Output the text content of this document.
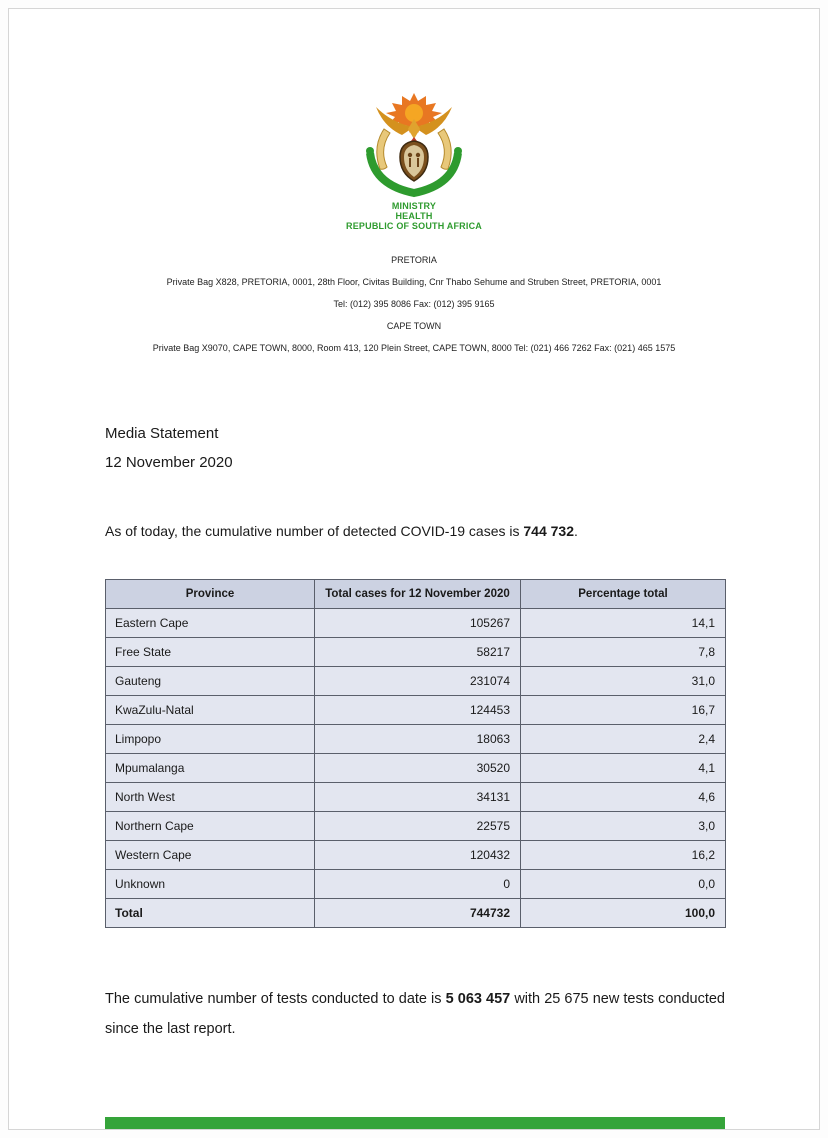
MINISTRY
HEALTH
REPUBLIC OF SOUTH AFRICA
PRETORIA
Private Bag X828, PRETORIA, 0001, 28th Floor, Civitas Building, Cnr Thabo Sehume and Struben Street, PRETORIA, 0001
Tel: (012) 395 8086 Fax: (012) 395 9165
CAPE TOWN
Private Bag X9070, CAPE TOWN, 8000, Room 413, 120 Plein Street, CAPE TOWN, 8000 Tel: (021) 466 7262 Fax: (021) 465 1575
Media Statement
12 November 2020

As of today, the cumulative number of detected COVID-19 cases is 744 732.

Province	Total cases for 12 November 2020	Percentage total
Eastern Cape	105267	14,1
Free State	58217	7,8
Gauteng	231074	31,0
KwaZulu-Natal	124453	16,7
Limpopo	18063	2,4
Mpumalanga	30520	4,1
North West	34131	4,6
Northern Cape	22575	3,0
Western Cape	120432	16,2
Unknown	0	0,0
Total	744732	100,0

The cumulative number of tests conducted to date is 5 063 457 with 25 675 new tests conducted since the last report.
